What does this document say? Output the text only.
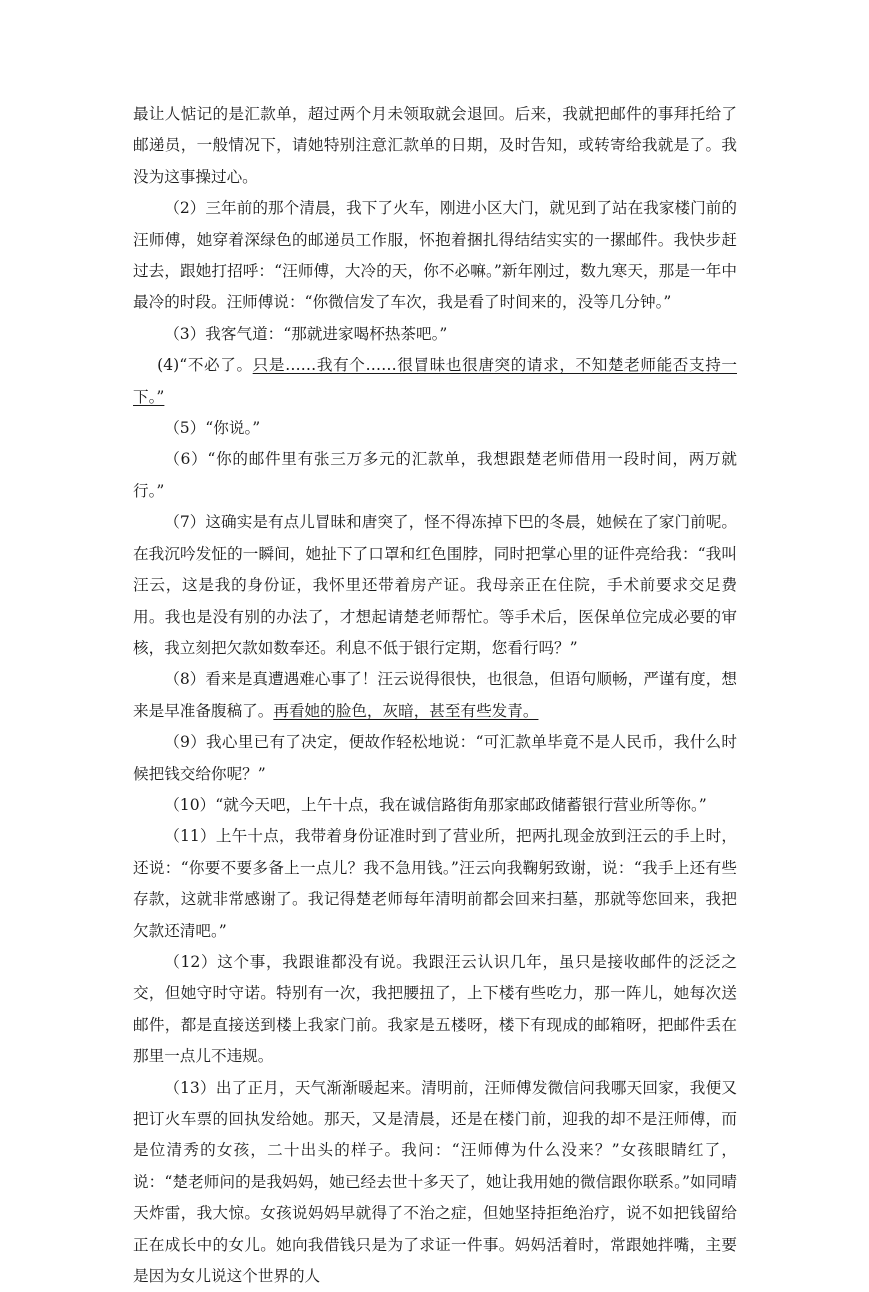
最让人惦记的是汇款单，超过两个月未领取就会退回。后来，我就把邮件的事拜托给了邮递员，一般情况下，请她特别注意汇款单的日期，及时告知，或转寄给我就是了。我没为这事操过心。

（2）三年前的那个清晨，我下了火车，刚进小区大门，就见到了站在我家楼门前的汪师傅，她穿着深绿色的邮递员工作服，怀抱着捆扎得结结实实的一摞邮件。我快步赶过去，跟她打招呼：“汪师傅，大冷的天，你不必嘛。”新年刚过，数九寒天，那是一年中最冷的时段。汪师傅说：“你微信发了车次，我是看了时间来的，没等几分钟。”

（3）我客气道：“那就进家喝杯热茶吧。”

(4)“不必了。只是……我有个……很冒昧也很唐突的请求，不知楚老师能否支持一下。”

（5）“你说。”

（6）“你的邮件里有张三万多元的汇款单，我想跟楚老师借用一段时间，两万就行。”

（7）这确实是有点儿冒昧和唐突了，怪不得冻掉下巴的冬晨，她候在了家门前呢。在我沉吟发怔的一瞬间，她扯下了口罩和红色围脖，同时把掌心里的证件亮给我：“我叫汪云，这是我的身份证，我怀里还带着房产证。我母亲正在住院，手术前要求交足费用。我也是没有别的办法了，才想起请楚老师帮忙。等手术后，医保单位完成必要的审核，我立刻把欠款如数奉还。利息不低于银行定期，您看行吗？”

（8）看来是真遭遇难心事了！汪云说得很快，也很急，但语句顺畅，严谨有度，想来是早准备腹稿了。再看她的脸色，灰暗，甚至有些发青。

（9）我心里已有了决定，便故作轻松地说：“可汇款单毕竟不是人民币，我什么时候把钱交给你呢？”

（10）“就今天吧，上午十点，我在诚信路街角那家邮政储蓄银行营业所等你。”

（11）上午十点，我带着身份证准时到了营业所，把两扎现金放到汪云的手上时，还说：“你要不要多备上一点儿？我不急用钱。”汪云向我鞠躬致谢，说：“我手上还有些存款，这就非常感谢了。我记得楚老师每年清明前都会回来扫墓，那就等您回来，我把欠款还清吧。”

（12）这个事，我跟谁都没有说。我跟汪云认识几年，虽只是接收邮件的泛泛之交，但她守时守诺。特别有一次，我把腰扭了，上下楼有些吃力，那一阵儿，她每次送邮件，都是直接送到楼上我家门前。我家是五楼呀，楼下有现成的邮箱呀，把邮件丢在那里一点儿不违规。

（13）出了正月，天气渐渐暖起来。清明前，汪师傅发微信问我哪天回家，我便又把订火车票的回执发给她。那天，又是清晨，还是在楼门前，迎我的却不是汪师傅，而是位清秀的女孩，二十出头的样子。我问：“汪师傅为什么没来？”女孩眼睛红了，说：“楚老师问的是我妈妈，她已经去世十多天了，她让我用她的微信跟你联系。”如同晴天炸雷，我大惊。女孩说妈妈早就得了不治之症，但她坚持拒绝治疗，说不如把钱留给正在成长中的女儿。她向我借钱只是为了求证一件事。妈妈活着时，常跟她拌嘴，主要是因为女儿说这个世界的人
